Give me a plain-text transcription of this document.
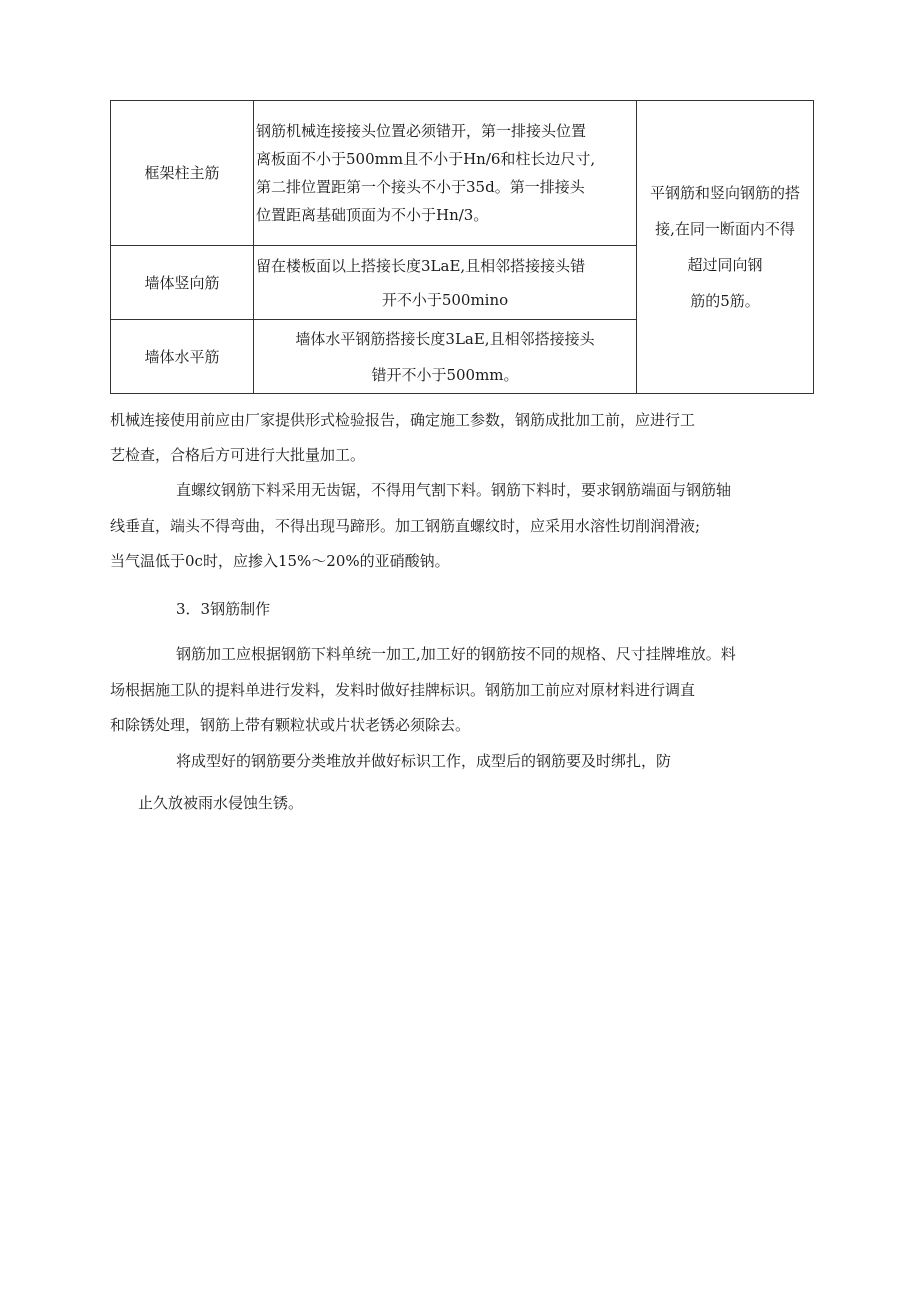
框架柱主筋	钢筋机械连接接头位置必须错开，第一排接头位置
离板面不小于500mm且不小于Hn/6和柱长边尺寸,
第二排位置距第一个接头不小于35d。第一排接头
位置距离基础顶面为不小于Hn/3。	平钢筋和竖向钢筋的搭
接,在同一断面内不得
超过同向钢
筋的5筋。

墙体竖向筋	留在楼板面以上搭接长度3LaE,且相邻搭接接头错
开不小于500mino	

墙体水平筋	墙体水平钢筋搭接长度3LaE,且相邻搭接接头
错开不小于500mm。	
机械连接使用前应由厂家提供形式检验报告，确定施工参数，钢筋成批加工前，应进行工
艺检查，合格后方可进行大批量加工。
直螺纹钢筋下料采用无齿锯，不得用气割下料。钢筋下料时，要求钢筋端面与钢筋轴
线垂直，端头不得弯曲，不得出现马蹄形。加工钢筋直螺纹时，应采用水溶性切削润滑液;
当气温低于0c时，应掺入15%～20%的亚硝酸钠。
3．3钢筋制作
钢筋加工应根据钢筋下料单统一加工,加工好的钢筋按不同的规格、尺寸挂牌堆放。料
场根据施工队的提料单进行发料，发料时做好挂牌标识。钢筋加工前应对原材料进行调直
和除锈处理，钢筋上带有颗粒状或片状老锈必须除去。
将成型好的钢筋要分类堆放并做好标识工作，成型后的钢筋要及时绑扎，防
止久放被雨水侵蚀生锈。
